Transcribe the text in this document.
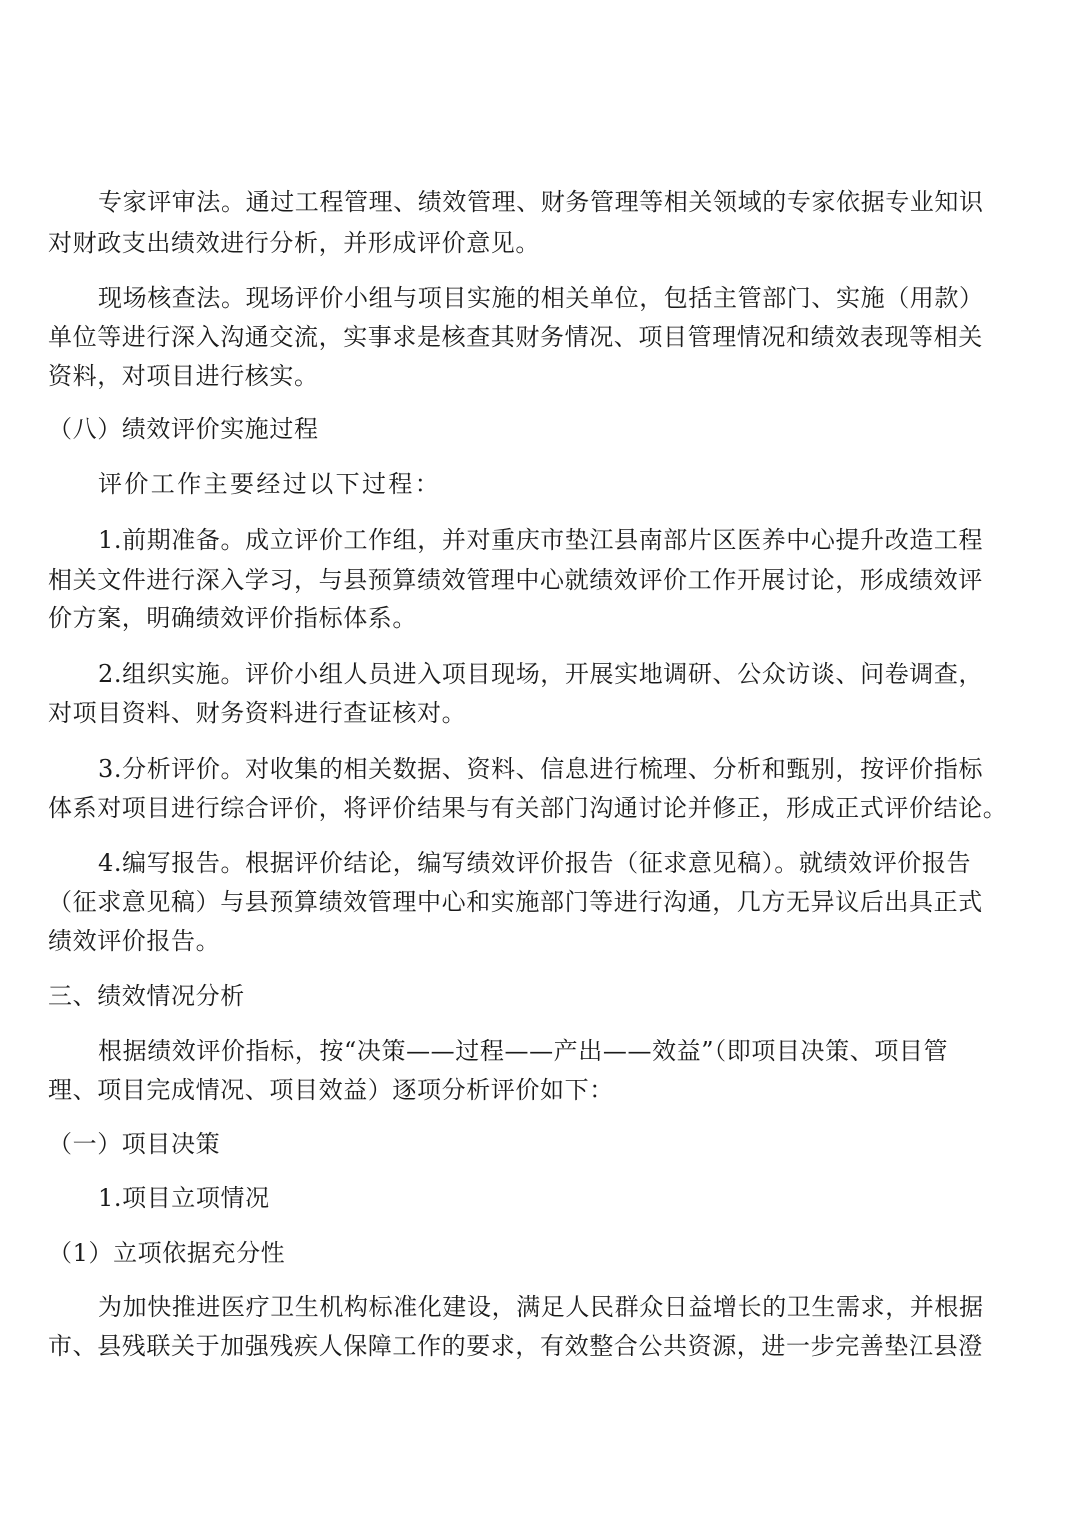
专家评审法。通过工程管理、绩效管理、财务管理等相关领域的专家依据专业知识
对财政支出绩效进行分析，并形成评价意见。
现场核查法。现场评价小组与项目实施的相关单位，包括主管部门、实施（用款）
单位等进行深入沟通交流，实事求是核查其财务情况、项目管理情况和绩效表现等相关
资料，对项目进行核实。
（八）绩效评价实施过程
评价工作主要经过以下过程：
1.前期准备。成立评价工作组，并对重庆市垫江县南部片区医养中心提升改造工程
相关文件进行深入学习，与县预算绩效管理中心就绩效评价工作开展讨论，形成绩效评
价方案，明确绩效评价指标体系。
2.组织实施。评价小组人员进入项目现场，开展实地调研、公众访谈、问卷调查，
对项目资料、财务资料进行查证核对。
3.分析评价。对收集的相关数据、资料、信息进行梳理、分析和甄别，按评价指标
体系对项目进行综合评价，将评价结果与有关部门沟通讨论并修正，形成正式评价结论。
4.编写报告。根据评价结论，编写绩效评价报告（征求意见稿）。就绩效评价报告
（征求意见稿）与县预算绩效管理中心和实施部门等进行沟通，几方无异议后出具正式
绩效评价报告。
三、绩效情况分析
根据绩效评价指标，按“决策——过程——产出——效益”（即项目决策、项目管
理、项目完成情况、项目效益）逐项分析评价如下：
（一）项目决策
1.项目立项情况
（1）立项依据充分性
为加快推进医疗卫生机构标准化建设，满足人民群众日益增长的卫生需求，并根据
市、县残联关于加强残疾人保障工作的要求，有效整合公共资源，进一步完善垫江县澄
